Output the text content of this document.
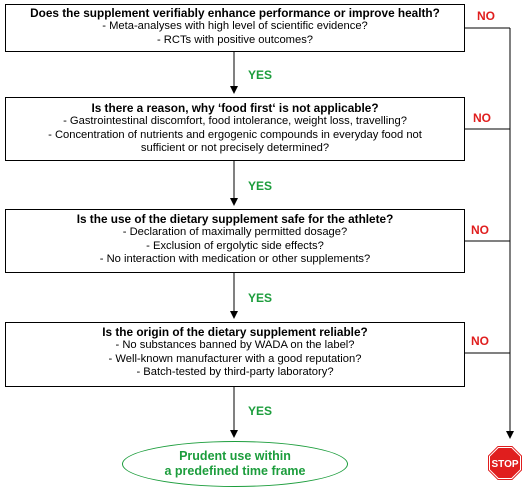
Does the supplement verifiably enhance performance or improve health?
- Meta-analyses with high level of scientific evidence?
- RCTs with positive outcomes?
Is there a reason, why ‘food first‘ is not applicable?
- Gastrointestinal discomfort, food intolerance, weight loss, travelling?
- Concentration of nutrients and ergogenic compounds in everyday food not
sufficient or not precisely determined?
Is the use of the dietary supplement safe for the athlete?
- Declaration of maximally permitted dosage?
- Exclusion of ergolytic side effects?
- No interaction with medication or other supplements?
Is the origin of the dietary supplement reliable?
- No substances banned by WADA on the label?
- Well-known manufacturer with a good reputation?
- Batch-tested by third-party laboratory?
YES
YES
YES
YES
NO
NO
NO
NO
Prudent use within
a predefined time frame	STOP
